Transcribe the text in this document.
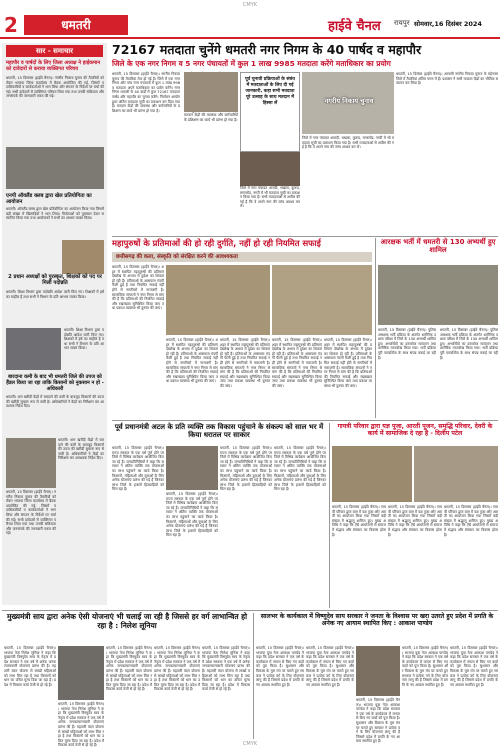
CMYK
2	धमतरी	हाईवे चैनल रायपुर सोमवार,16 दिसंबर 2024
सार - समाचार
महापौर व पार्षदों के लिए जिला अध्यक्ष ने हाईकमान को दावेदारों से कराया व्यक्तिगत परिचय
धमतरी, 15 दिसम्बर (हाईवे चैनल)। नगरीय निकाय चुनाव की तैयारियों को लेकर भाजपा जिला कार्यालय में बैठक आयोजित की गई, जिसमें पदाधिकारियों व कार्यकर्ताओं ने भाग लिया और संगठन के निर्देशों पर चर्चा की गई। सभी दावेदारों से व्यक्तिगत परिचय लिया गया तथा उनकी सक्रियता और जनसंपर्क की जानकारी एकत्र की गई।
एनपी ऑवलैंड क्लब द्वारा खेल प्रतियोगिता का आयोजन
धमतरी। ऑवलैंड क्लब द्वारा खेल प्रतियोगिता का आयोजन किया गया जिसमें बड़ी संख्या में खिलाड़ियों ने भाग लिया। विजेताओं को पुरस्कार देकर सम्मानित किया गया तथा आयोजकों ने सभी का आभार व्यक्त किया।
2 प्रधान अध्यक्षों को पुरस्कृत, शिक्षकों को पद पर मिली पदोन्नति
धमतरी। शिक्षा विभाग द्वारा पदोन्नति आदेश जारी किए गए। शिक्षकों में हर्ष का माहौल है तथा सभी ने विभाग के प्रति आभार व्यक्त किया।
धमतरी। शिक्षा विभाग द्वारा पदोन्नति आदेश जारी किए गए। शिक्षकों में हर्ष का माहौल है तथा सभी ने विभाग के प्रति आभार व्यक्त किया।
बारदाना कमी के बाद भी धमतरी जिले की उपज को हैंडल किया जा रहा ताकि किसानों को नुकसान न हो - अधिकारी
धमतरी। धान खरीदी केंद्रों में बारदाने की कमी के बावजूद किसानों की उपज की खरीदी सुचारू रूप से जारी है। अधिकारियों ने केंद्रों का निरीक्षण कर आवश्यक निर्देश दिए।
धमतरी। धान खरीदी केंद्रों में बारदाने की कमी के बावजूद किसानों की उपज की खरीदी सुचारू रूप से जारी है। अधिकारियों ने केंद्रों का निरीक्षण कर आवश्यक निर्देश दिए।
धमतरी, 15 दिसम्बर (हाईवे चैनल)। नगरीय निकाय चुनाव की तैयारियों को लेकर भाजपा जिला कार्यालय में बैठक आयोजित की गई, जिसमें पदाधिकारियों व कार्यकर्ताओं ने भाग लिया और संगठन के निर्देशों पर चर्चा की गई। सभी दावेदारों से व्यक्तिगत परिचय लिया गया तथा उनकी सक्रियता और जनसंपर्क की जानकारी एकत्र की गई।
72167 मतदाता चुनेंगे धमतरी नगर निगम के 40 पार्षद व महापौर
जिले के एक नगर निगम व 5 नगर पंचायतों में कुल 1 लाख 9985 मतदाता करेंगे मताधिकार का प्रयोग
धमतरी, 15 दिसम्बर (हाईवे चैनल)। नगरीय निकाय चुनाव की तैयारियां तेज हो गई हैं। जिले में एक नगर निगम और पांच नगर पंचायतों में कुल 1 लाख 9985 मतदाता अपने मताधिकार का प्रयोग करेंगे। नगर निगम धमतरी के 40 वार्डों में कुल 72167 मतदाता पार्षद और महापौर का चुनाव करेंगे। निर्वाचन आयोग द्वारा अंतिम मतदाता सूची का प्रकाशन कर दिया गया है। मतदान केंद्रों की व्यवस्था और कर्मचारियों के प्रशिक्षण का कार्य भी प्रारंभ हो गया है।
मतदान केंद्रों की व्यवस्था और कर्मचारियों के प्रशिक्षण का कार्य भी प्रारंभ हो गया है।
पूर्व चुनावी प्रक्रियाओं के संबंध में मतदाताओं के लिए दी गई जानकारी, कहा सभी मतदाता पूरे उत्साह के साथ मतदान में हिस्सा लें	नगरीय निकाय चुनाव
जिले में नगर पंचायत आमदी, भखारा, कुरूद, मगरलोड, नगरी में भी मतदाता सूची का प्रकाशन किया गया है। सभी मतदाताओं से अपील की गई है कि वे अपने नाम की जांच अवश्य कर लें।
जिले में नगर पंचायत आमदी, भखारा, कुरूद, मगरलोड, नगरी में भी मतदाता सूची का प्रकाशन किया गया है। सभी मतदाताओं से अपील की गई है कि वे अपने नाम की जांच अवश्य कर लें।
धमतरी, 15 दिसंबर (हाईवे चैनल)। आगामी नगरीय निकाय चुनाव के मद्देनजर जिले में तैयारियां अंतिम चरण में हैं। प्रशासन ने सभी मतदान केंद्रों का भौतिक सत्यापन कर लिया है।
महापुरुषों के प्रतिमाओं की हो रही दुर्गति, नहीं हो रही नियमित सफाई
छत्तीसगढ़ की कला, संस्कृति को संरक्षित करने की आवश्यकता
धमतरी, 15 दिसम्बर (हाईवे चैनल)। शहर में स्थापित महापुरुषों की प्रतिमाएं देखरेख के अभाव में दुर्दशा का शिकार हो रही हैं। प्रतिमाओं के आसपास गंदगी फैली हुई है तथा नियमित सफाई नहीं होने से नागरिकों में नाराजगी है। सामाजिक संगठनों ने नगर निगम से मांग की है कि प्रतिमाओं की नियमित सफाई और रखरखाव सुनिश्चित किया जाए तथा प्रकाश व्यवस्था भी दुरुस्त की जाए।
धमतरी, 15 दिसम्बर (हाईवे चैनल)। शहर में स्थापित महापुरुषों की प्रतिमाएं देखरेख के अभाव में दुर्दशा का शिकार हो रही हैं। प्रतिमाओं के आसपास गंदगी फैली हुई है तथा नियमित सफाई नहीं होने से नागरिकों में नाराजगी है। सामाजिक संगठनों ने नगर निगम से मांग की है कि प्रतिमाओं की नियमित सफाई और रखरखाव सुनिश्चित किया जाए तथा प्रकाश व्यवस्था भी दुरुस्त की जाए।
धमतरी, 15 दिसम्बर (हाईवे चैनल)। शहर में स्थापित महापुरुषों की प्रतिमाएं देखरेख के अभाव में दुर्दशा का शिकार हो रही हैं। प्रतिमाओं के आसपास गंदगी फैली हुई है तथा नियमित सफाई नहीं होने से नागरिकों में नाराजगी है। सामाजिक संगठनों ने नगर निगम से मांग की है कि प्रतिमाओं की नियमित सफाई और रखरखाव सुनिश्चित किया जाए तथा प्रकाश व्यवस्था भी दुरुस्त की जाए।
धमतरी, 15 दिसम्बर (हाईवे चैनल)। शहर में स्थापित महापुरुषों की प्रतिमाएं देखरेख के अभाव में दुर्दशा का शिकार हो रही हैं। प्रतिमाओं के आसपास गंदगी फैली हुई है तथा नियमित सफाई नहीं होने से नागरिकों में नाराजगी है। सामाजिक संगठनों ने नगर निगम से मांग की है कि प्रतिमाओं की नियमित सफाई और रखरखाव सुनिश्चित किया जाए तथा प्रकाश व्यवस्था भी दुरुस्त की जाए।
धमतरी, 15 दिसम्बर (हाईवे चैनल)। शहर में स्थापित महापुरुषों की प्रतिमाएं देखरेख के अभाव में दुर्दशा का शिकार हो रही हैं। प्रतिमाओं के आसपास गंदगी फैली हुई है तथा नियमित सफाई नहीं होने से नागरिकों में नाराजगी है। सामाजिक संगठनों ने नगर निगम से मांग की है कि प्रतिमाओं की नियमित सफाई और रखरखाव सुनिश्चित किया जाए तथा प्रकाश व्यवस्था भी दुरुस्त की जाए।
आरक्षक भर्ती में धमतरी से 130 अभ्यर्थी हुए शामिल
धमतरी, 15 दिसम्बर (हाईवे चैनल)। पुलिस आरक्षक भर्ती प्रक्रिया के अंतर्गत शारीरिक दक्षता परीक्षा में जिले के 130 अभ्यर्थी शामिल हुए। अभ्यर्थियों का दस्तावेज सत्यापन तथा शारीरिक मापजोख किया गया। भर्ती प्रक्रिया पूरी पारदर्शिता के साथ संपन्न कराई जा रही है।
धमतरी, 15 दिसम्बर (हाईवे चैनल)। पुलिस आरक्षक भर्ती प्रक्रिया के अंतर्गत शारीरिक दक्षता परीक्षा में जिले के 130 अभ्यर्थी शामिल हुए। अभ्यर्थियों का दस्तावेज सत्यापन तथा शारीरिक मापजोख किया गया। भर्ती प्रक्रिया पूरी पारदर्शिता के साथ संपन्न कराई जा रही है।
पूर्व प्रधानमंत्री अटल के प्रति व्यक्ति तक विकास पहुंचाने के संकल्प को साल भर में किया धरातल पर साकार
धमतरी, 15 दिसम्बर (हाईवे चैनल)। राज्य सरकार के एक वर्ष पूर्ण होने पर जिले में विभिन्न कार्यक्रम आयोजित किए जा रहे हैं। जनप्रतिनिधियों ने कहा कि सरकार ने अंतिम व्यक्ति तक योजनाओं का लाभ पहुंचाने का कार्य किया है। किसानों, महिलाओं और युवाओं के लिए अनेक योजनाएं प्रारंभ की गई हैं जिनका लाभ जिले के हजारों हितग्राहियों को मिल रहा है।
धमतरी, 15 दिसम्बर (हाईवे चैनल)। राज्य सरकार के एक वर्ष पूर्ण होने पर जिले में विभिन्न कार्यक्रम आयोजित किए जा रहे हैं। जनप्रतिनिधियों ने कहा कि सरकार ने अंतिम व्यक्ति तक योजनाओं का लाभ पहुंचाने का कार्य किया है। किसानों, महिलाओं और युवाओं के लिए अनेक योजनाएं प्रारंभ की गई हैं जिनका लाभ जिले के हजारों हितग्राहियों को मिल रहा है।
धमतरी, 15 दिसम्बर (हाईवे चैनल)। राज्य सरकार के एक वर्ष पूर्ण होने पर जिले में विभिन्न कार्यक्रम आयोजित किए जा रहे हैं। जनप्रतिनिधियों ने कहा कि सरकार ने अंतिम व्यक्ति तक योजनाओं का लाभ पहुंचाने का कार्य किया है। किसानों, महिलाओं और युवाओं के लिए अनेक योजनाएं प्रारंभ की गई हैं जिनका लाभ जिले के हजारों हितग्राहियों को मिल रहा है।
धमतरी, 15 दिसम्बर (हाईवे चैनल)। राज्य सरकार के एक वर्ष पूर्ण होने पर जिले में विभिन्न कार्यक्रम आयोजित किए जा रहे हैं। जनप्रतिनिधियों ने कहा कि सरकार ने अंतिम व्यक्ति तक योजनाओं का लाभ पहुंचाने का कार्य किया है। किसानों, महिलाओं और युवाओं के लिए अनेक योजनाएं प्रारंभ की गई हैं जिनका लाभ जिले के हजारों हितग्राहियों को मिल रहा है।
गायत्री परिवार द्वारा यज्ञ पूजा, आरती पूजन, समृद्धि परिवार, देवरी के कार्य में सामाजिक दे रहा है - दिलीप पटेल
धमतरी, 15 दिसम्बर (हाईवे चैनल)। गायत्री परिवार द्वारा ग्राम में यज्ञ पूजा और आरती का आयोजन किया गया जिसमें बड़ी संख्या में श्रद्धालु शामिल हुए। मुख्य अतिथि ने कहा कि ऐसे आयोजनों से समाज में सद्भाव और संस्कार का विकास होता है।
धमतरी, 15 दिसम्बर (हाईवे चैनल)। गायत्री परिवार द्वारा ग्राम में यज्ञ पूजा और आरती का आयोजन किया गया जिसमें बड़ी संख्या में श्रद्धालु शामिल हुए। मुख्य अतिथि ने कहा कि ऐसे आयोजनों से समाज में सद्भाव और संस्कार का विकास होता है।
धमतरी, 15 दिसम्बर (हाईवे चैनल)। गायत्री परिवार द्वारा ग्राम में यज्ञ पूजा और आरती का आयोजन किया गया जिसमें बड़ी संख्या में श्रद्धालु शामिल हुए। मुख्य अतिथि ने कहा कि ऐसे आयोजनों से समाज में सद्भाव और संस्कार का विकास होता है।
मुख्यमंत्री साय द्वारा अनेक ऐसी योजनाएं भी चलाई जा रही है जिससे हर वर्ग लाभान्वित हो रहा है : निलेश लूनिया
धमतरी, 15 दिसम्बर (हाईवे चैनल)। भाजपा नेता निलेश लूनिया ने कहा कि मुख्यमंत्री विष्णुदेव साय के नेतृत्व में प्रदेश सरकार ने एक वर्ष में अनेक जनकल्याणकारी योजनाएं प्रारंभ की हैं। महतारी वंदन योजना से लाखों महिलाओं को लाभ मिल रहा है तथा किसानों को धान का उचित मूल्य दिया जा रहा है। प्रदेश में विकास कार्य तेजी से हो रहे हैं।
धमतरी, 15 दिसम्बर (हाईवे चैनल)। भाजपा नेता निलेश लूनिया ने कहा कि मुख्यमंत्री विष्णुदेव साय के नेतृत्व में प्रदेश सरकार ने एक वर्ष में अनेक जनकल्याणकारी योजनाएं प्रारंभ की हैं। महतारी वंदन योजना से लाखों महिलाओं को लाभ मिल रहा है तथा किसानों को धान का उचित मूल्य दिया जा रहा है। प्रदेश में विकास कार्य तेजी से हो रहे हैं।
धमतरी, 15 दिसम्बर (हाईवे चैनल)। भाजपा नेता निलेश लूनिया ने कहा कि मुख्यमंत्री विष्णुदेव साय के नेतृत्व में प्रदेश सरकार ने एक वर्ष में अनेक जनकल्याणकारी योजनाएं प्रारंभ की हैं। महतारी वंदन योजना से लाखों महिलाओं को लाभ मिल रहा है तथा किसानों को धान का उचित मूल्य दिया जा रहा है। प्रदेश में विकास कार्य तेजी से हो रहे हैं।
धमतरी, 15 दिसम्बर (हाईवे चैनल)। भाजपा नेता निलेश लूनिया ने कहा कि मुख्यमंत्री विष्णुदेव साय के नेतृत्व में प्रदेश सरकार ने एक वर्ष में अनेक जनकल्याणकारी योजनाएं प्रारंभ की हैं। महतारी वंदन योजना से लाखों महिलाओं को लाभ मिल रहा है तथा किसानों को धान का उचित मूल्य दिया जा रहा है। प्रदेश में विकास कार्य तेजी से हो रहे हैं।
धमतरी, 15 दिसम्बर (हाईवे चैनल)। भाजपा नेता निलेश लूनिया ने कहा कि मुख्यमंत्री विष्णुदेव साय के नेतृत्व में प्रदेश सरकार ने एक वर्ष में अनेक जनकल्याणकारी योजनाएं प्रारंभ की हैं। महतारी वंदन योजना से लाखों महिलाओं को लाभ मिल रहा है तथा किसानों को धान का उचित मूल्य दिया जा रहा है। प्रदेश में विकास कार्य तेजी से हो रहे हैं।
सालभर के कार्यकाल में विष्णुदेव साय सरकार ने जनता के विश्वास पर खरा उतरते हुए प्रदेश में प्रगति के अनेक नए आयाम स्थापित किए : आकाश पाण्डेय
धमतरी, 15 दिसम्बर (हाईवे चैनल)। भाजपा युवा नेता आकाश पाण्डेय ने कहा कि प्रदेश सरकार ने एक वर्ष के कार्यकाल में जनता से किए गए वादों को पूरा किया है। सुशासन और विकास के मूल मंत्र पर चलते हुए सरकार ने प्रत्येक वर्ग के लिए योजनाएं लागू की हैं जिससे प्रदेश में प्रगति के नए आयाम स्थापित हुए हैं।
धमतरी, 15 दिसम्बर (हाईवे चैनल)। भाजपा युवा नेता आकाश पाण्डेय ने कहा कि प्रदेश सरकार ने एक वर्ष के कार्यकाल में जनता से किए गए वादों को पूरा किया है। सुशासन और विकास के मूल मंत्र पर चलते हुए सरकार ने प्रत्येक वर्ग के लिए योजनाएं लागू की हैं जिससे प्रदेश में प्रगति के नए आयाम स्थापित हुए हैं।
धमतरी, 15 दिसम्बर (हाईवे चैनल)। भाजपा युवा नेता आकाश पाण्डेय ने कहा कि प्रदेश सरकार ने एक वर्ष के कार्यकाल में जनता से किए गए वादों को पूरा किया है। सुशासन और विकास के मूल मंत्र पर चलते हुए सरकार ने प्रत्येक वर्ग के लिए योजनाएं लागू की हैं जिससे प्रदेश में प्रगति के नए आयाम स्थापित हुए हैं।
धमतरी, 15 दिसम्बर (हाईवे चैनल)। भाजपा युवा नेता आकाश पाण्डेय ने कहा कि प्रदेश सरकार ने एक वर्ष के कार्यकाल में जनता से किए गए वादों को पूरा किया है। सुशासन और विकास के मूल मंत्र पर चलते हुए सरकार ने प्रत्येक वर्ग के लिए योजनाएं लागू की हैं जिससे प्रदेश में प्रगति के नए आयाम स्थापित हुए हैं।
धमतरी, 15 दिसम्बर (हाईवे चैनल)। भाजपा युवा नेता आकाश पाण्डेय ने कहा कि प्रदेश सरकार ने एक वर्ष के कार्यकाल में जनता से किए गए वादों को पूरा किया है। सुशासन और विकास के मूल मंत्र पर चलते हुए सरकार ने प्रत्येक वर्ग के लिए योजनाएं लागू की हैं जिससे प्रदेश में प्रगति के नए आयाम स्थापित हुए हैं।
CMYK
